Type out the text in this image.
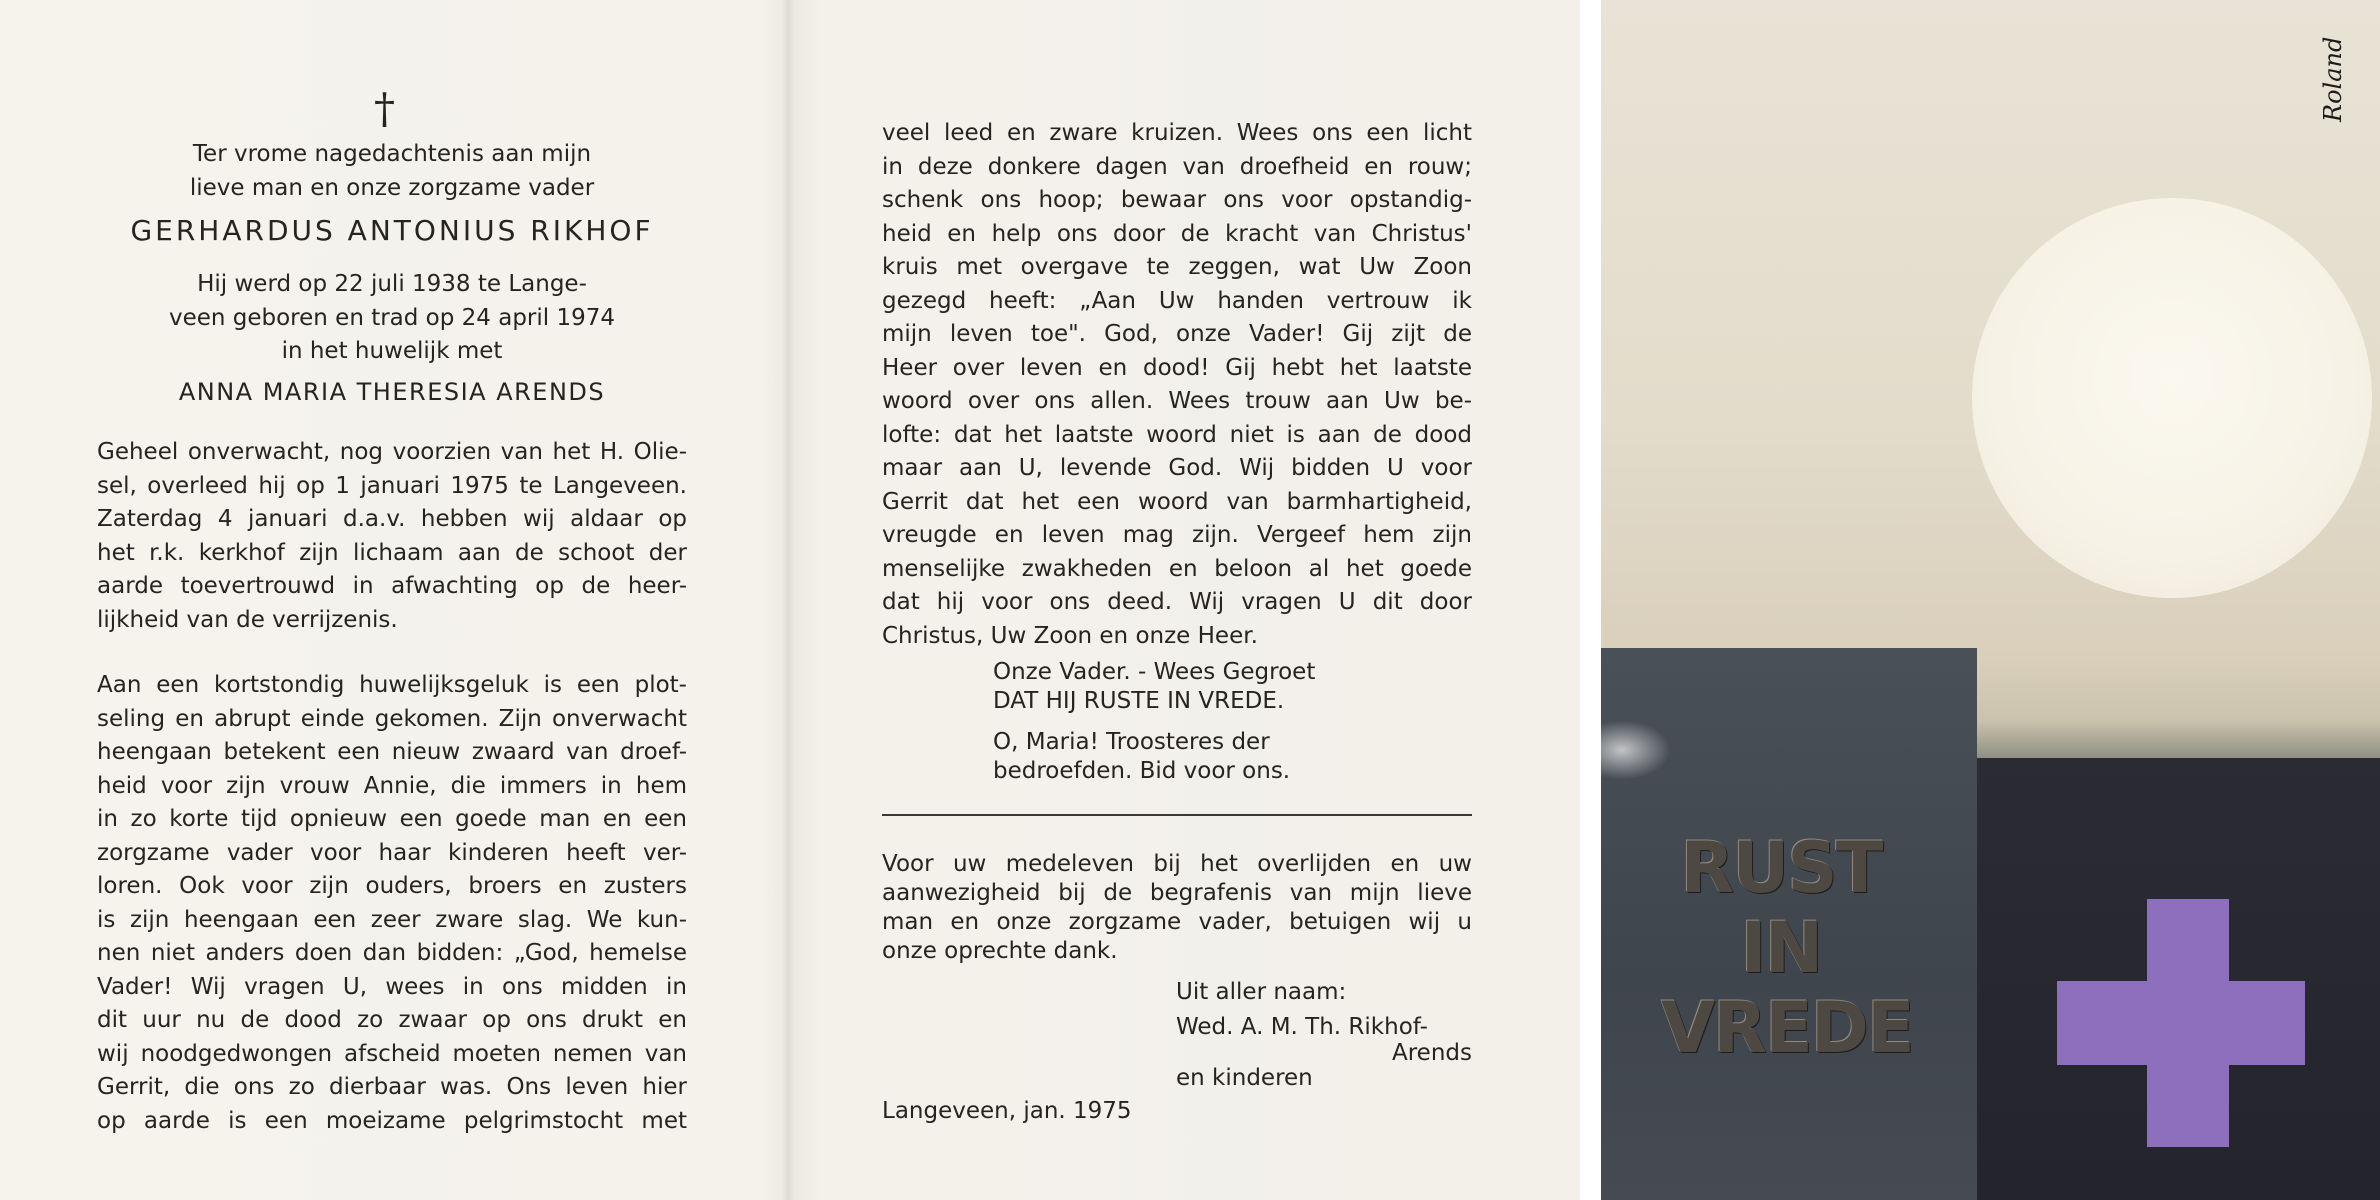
†
Ter vrome nagedachtenis aan mijn
lieve man en onze zorgzame vader
GERHARDUS ANTONIUS RIKHOF
Hij werd op 22 juli 1938 te Lange-
veen geboren en trad op 24 april 1974
in het huwelijk met
ANNA MARIA THERESIA ARENDS
Geheel onverwacht, nog voorzien van het H. Olie-
sel, overleed hij op 1 januari 1975 te Langeveen.
Zaterdag 4 januari d.a.v. hebben wij aldaar op
het r.k. kerkhof zijn lichaam aan de schoot der
aarde toevertrouwd in afwachting op de heer-
lijkheid van de verrijzenis.
Aan een kortstondig huwelijksgeluk is een plot-
seling en abrupt einde gekomen. Zijn onverwacht
heengaan betekent een nieuw zwaard van droef-
heid voor zijn vrouw Annie, die immers in hem
in zo korte tijd opnieuw een goede man en een
zorgzame vader voor haar kinderen heeft ver-
loren. Ook voor zijn ouders, broers en zusters
is zijn heengaan een zeer zware slag. We kun-
nen niet anders doen dan bidden: „God, hemelse
Vader! Wij vragen U, wees in ons midden in
dit uur nu de dood zo zwaar op ons drukt en
wij noodgedwongen afscheid moeten nemen van
Gerrit, die ons zo dierbaar was. Ons leven hier
op aarde is een moeizame pelgrimstocht met
veel leed en zware kruizen. Wees ons een licht
in deze donkere dagen van droefheid en rouw;
schenk ons hoop; bewaar ons voor opstandig-
heid en help ons door de kracht van Christus'
kruis met overgave te zeggen, wat Uw Zoon
gezegd heeft: „Aan Uw handen vertrouw ik
mijn leven toe". God, onze Vader! Gij zijt de
Heer over leven en dood! Gij hebt het laatste
woord over ons allen. Wees trouw aan Uw be-
lofte: dat het laatste woord niet is aan de dood
maar aan U, levende God. Wij bidden U voor
Gerrit dat het een woord van barmhartigheid,
vreugde en leven mag zijn. Vergeef hem zijn
menselijke zwakheden en beloon al het goede
dat hij voor ons deed. Wij vragen U dit door
Christus, Uw Zoon en onze Heer.
Onze Vader. - Wees Gegroet
DAT HIJ RUSTE IN VREDE.
O, Maria! Troosteres der
bedroefden. Bid voor ons.
Voor uw medeleven bij het overlijden en uw
aanwezigheid bij de begrafenis van mijn lieve
man en onze zorgzame vader, betuigen wij u
onze oprechte dank.
Uit aller naam:
Wed. A. M. Th. Rikhof-
Arends
en kinderen
Langeveen, jan. 1975
RUST
IN
VREDE
Roland
